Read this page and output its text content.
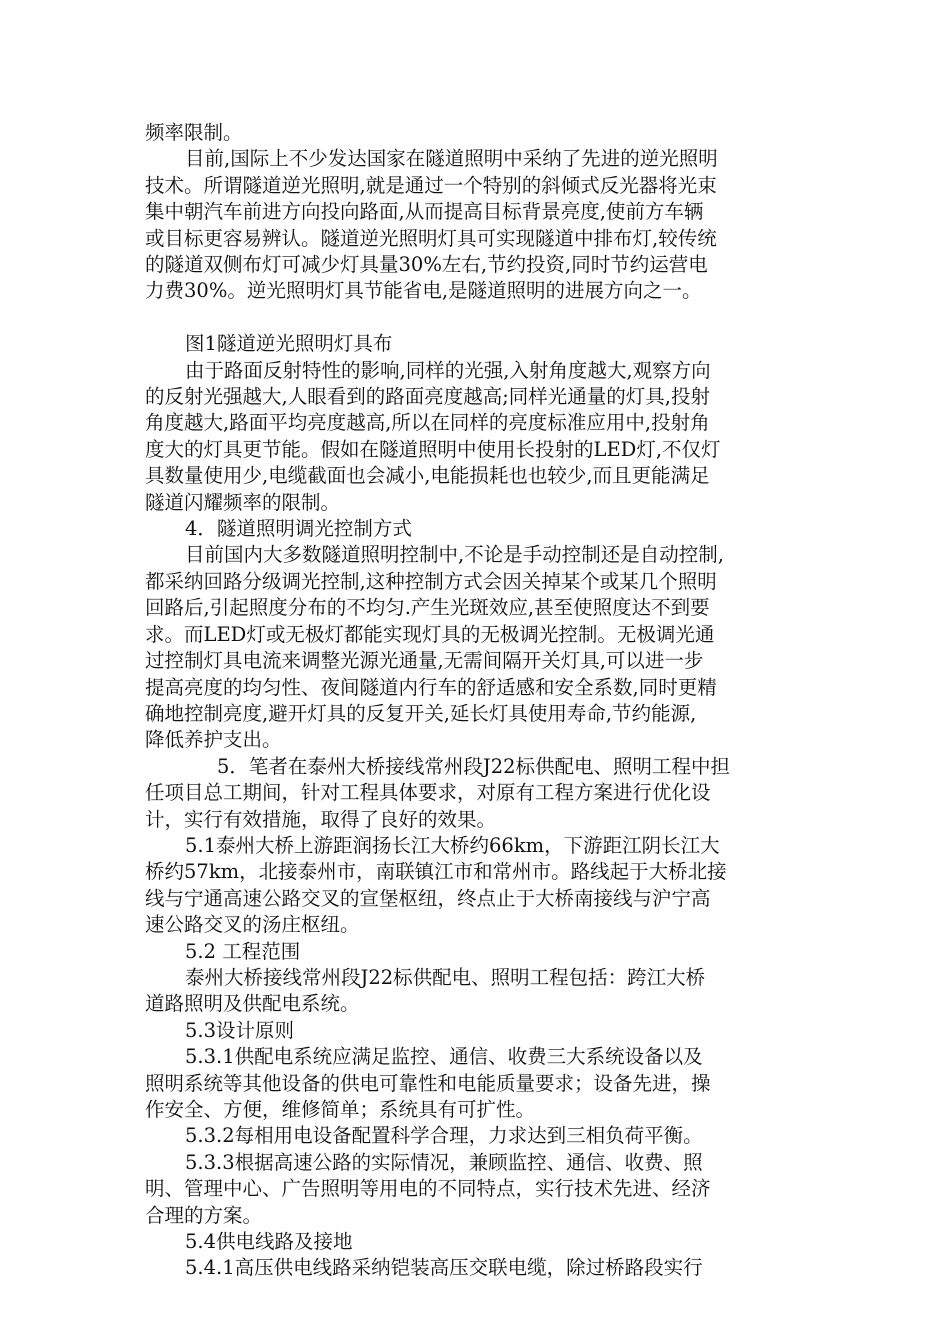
频率限制。

目前,国际上不少发达国家在隧道照明中采纳了先进的逆光照明

技术。所谓隧道逆光照明,就是通过一个特别的斜倾式反光器将光束

集中朝汽车前进方向投向路面,从而提高目标背景亮度,使前方车辆

或目标更容易辨认。隧道逆光照明灯具可实现隧道中排布灯,较传统

的隧道双侧布灯可减少灯具量30%左右,节约投资,同时节约运营电

力费30%。逆光照明灯具节能省电,是隧道照明的进展方向之一。

图1隧道逆光照明灯具布

由于路面反射特性的影响,同样的光强,入射角度越大,观察方向

的反射光强越大,人眼看到的路面亮度越高;同样光通量的灯具,投射

角度越大,路面平均亮度越高,所以在同样的亮度标准应用中,投射角

度大的灯具更节能。假如在隧道照明中使用长投射的LED灯,不仅灯

具数量使用少,电缆截面也会减小,电能损耗也也较少,而且更能满足

隧道闪耀频率的限制。

4．隧道照明调光控制方式

目前国内大多数隧道照明控制中,不论是手动控制还是自动控制,

都采纳回路分级调光控制,这种控制方式会因关掉某个或某几个照明

回路后,引起照度分布的不均匀.产生光斑效应,甚至使照度达不到要

求。而LED灯或无极灯都能实现灯具的无极调光控制。无极调光通

过控制灯具电流来调整光源光通量,无需间隔开关灯具,可以进一步

提高亮度的均匀性、夜间隧道内行车的舒适感和安全系数,同时更精

确地控制亮度,避开灯具的反复开关,延长灯具使用寿命,节约能源,

降低养护支出。

5．笔者在泰州大桥接线常州段J22标供配电、照明工程中担

任项目总工期间，针对工程具体要求，对原有工程方案进行优化设

计，实行有效措施，取得了良好的效果。

5.1泰州大桥上游距润扬长江大桥约66km，下游距江阴长江大

桥约57km，北接泰州市，南联镇江市和常州市。路线起于大桥北接

线与宁通高速公路交叉的宣堡枢纽，终点止于大桥南接线与沪宁高

速公路交叉的汤庄枢纽。

5.2 工程范围

泰州大桥接线常州段J22标供配电、照明工程包括：跨江大桥

道路照明及供配电系统。

5.3设计原则

5.3.1供配电系统应满足监控、通信、收费三大系统设备以及

照明系统等其他设备的供电可靠性和电能质量要求；设备先进，操

作安全、方便，维修简单；系统具有可扩性。

5.3.2每相用电设备配置科学合理，力求达到三相负荷平衡。

5.3.3根据高速公路的实际情况，兼顾监控、通信、收费、照

明、管理中心、广告照明等用电的不同特点，实行技术先进、经济

合理的方案。

5.4供电线路及接地

5.4.1高压供电线路采纳铠装高压交联电缆，除过桥路段实行
